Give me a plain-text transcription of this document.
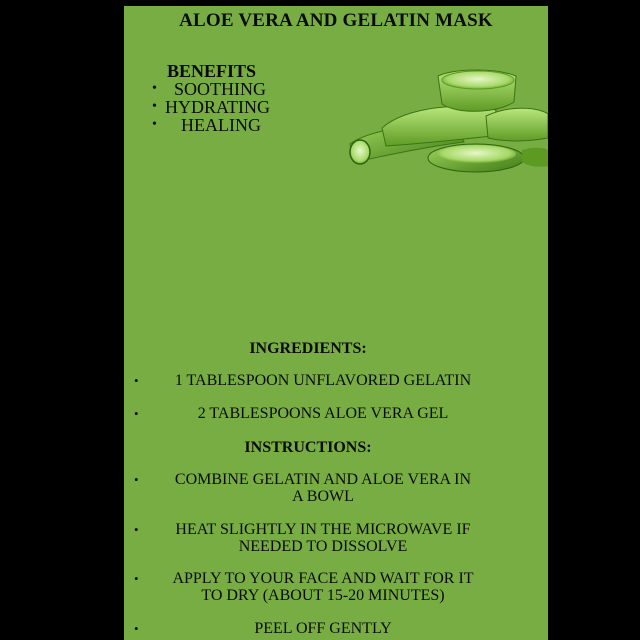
ALOE VERA AND GELATIN MASK
BENEFITS
• SOOTHING
• HYDRATING
• HEALING
INGREDIENTS:
•	1 TABLESPOON UNFLAVORED GELATIN
•	2 TABLESPOONS ALOE VERA GEL
INSTRUCTIONS:
•	COMBINE GELATIN AND ALOE VERA IN A BOWL
•	HEAT SLIGHTLY IN THE MICROWAVE IF NEEDED TO DISSOLVE
•	APPLY TO YOUR FACE AND WAIT FOR IT TO DRY (ABOUT 15-20 MINUTES)
•	PEEL OFF GENTLY
